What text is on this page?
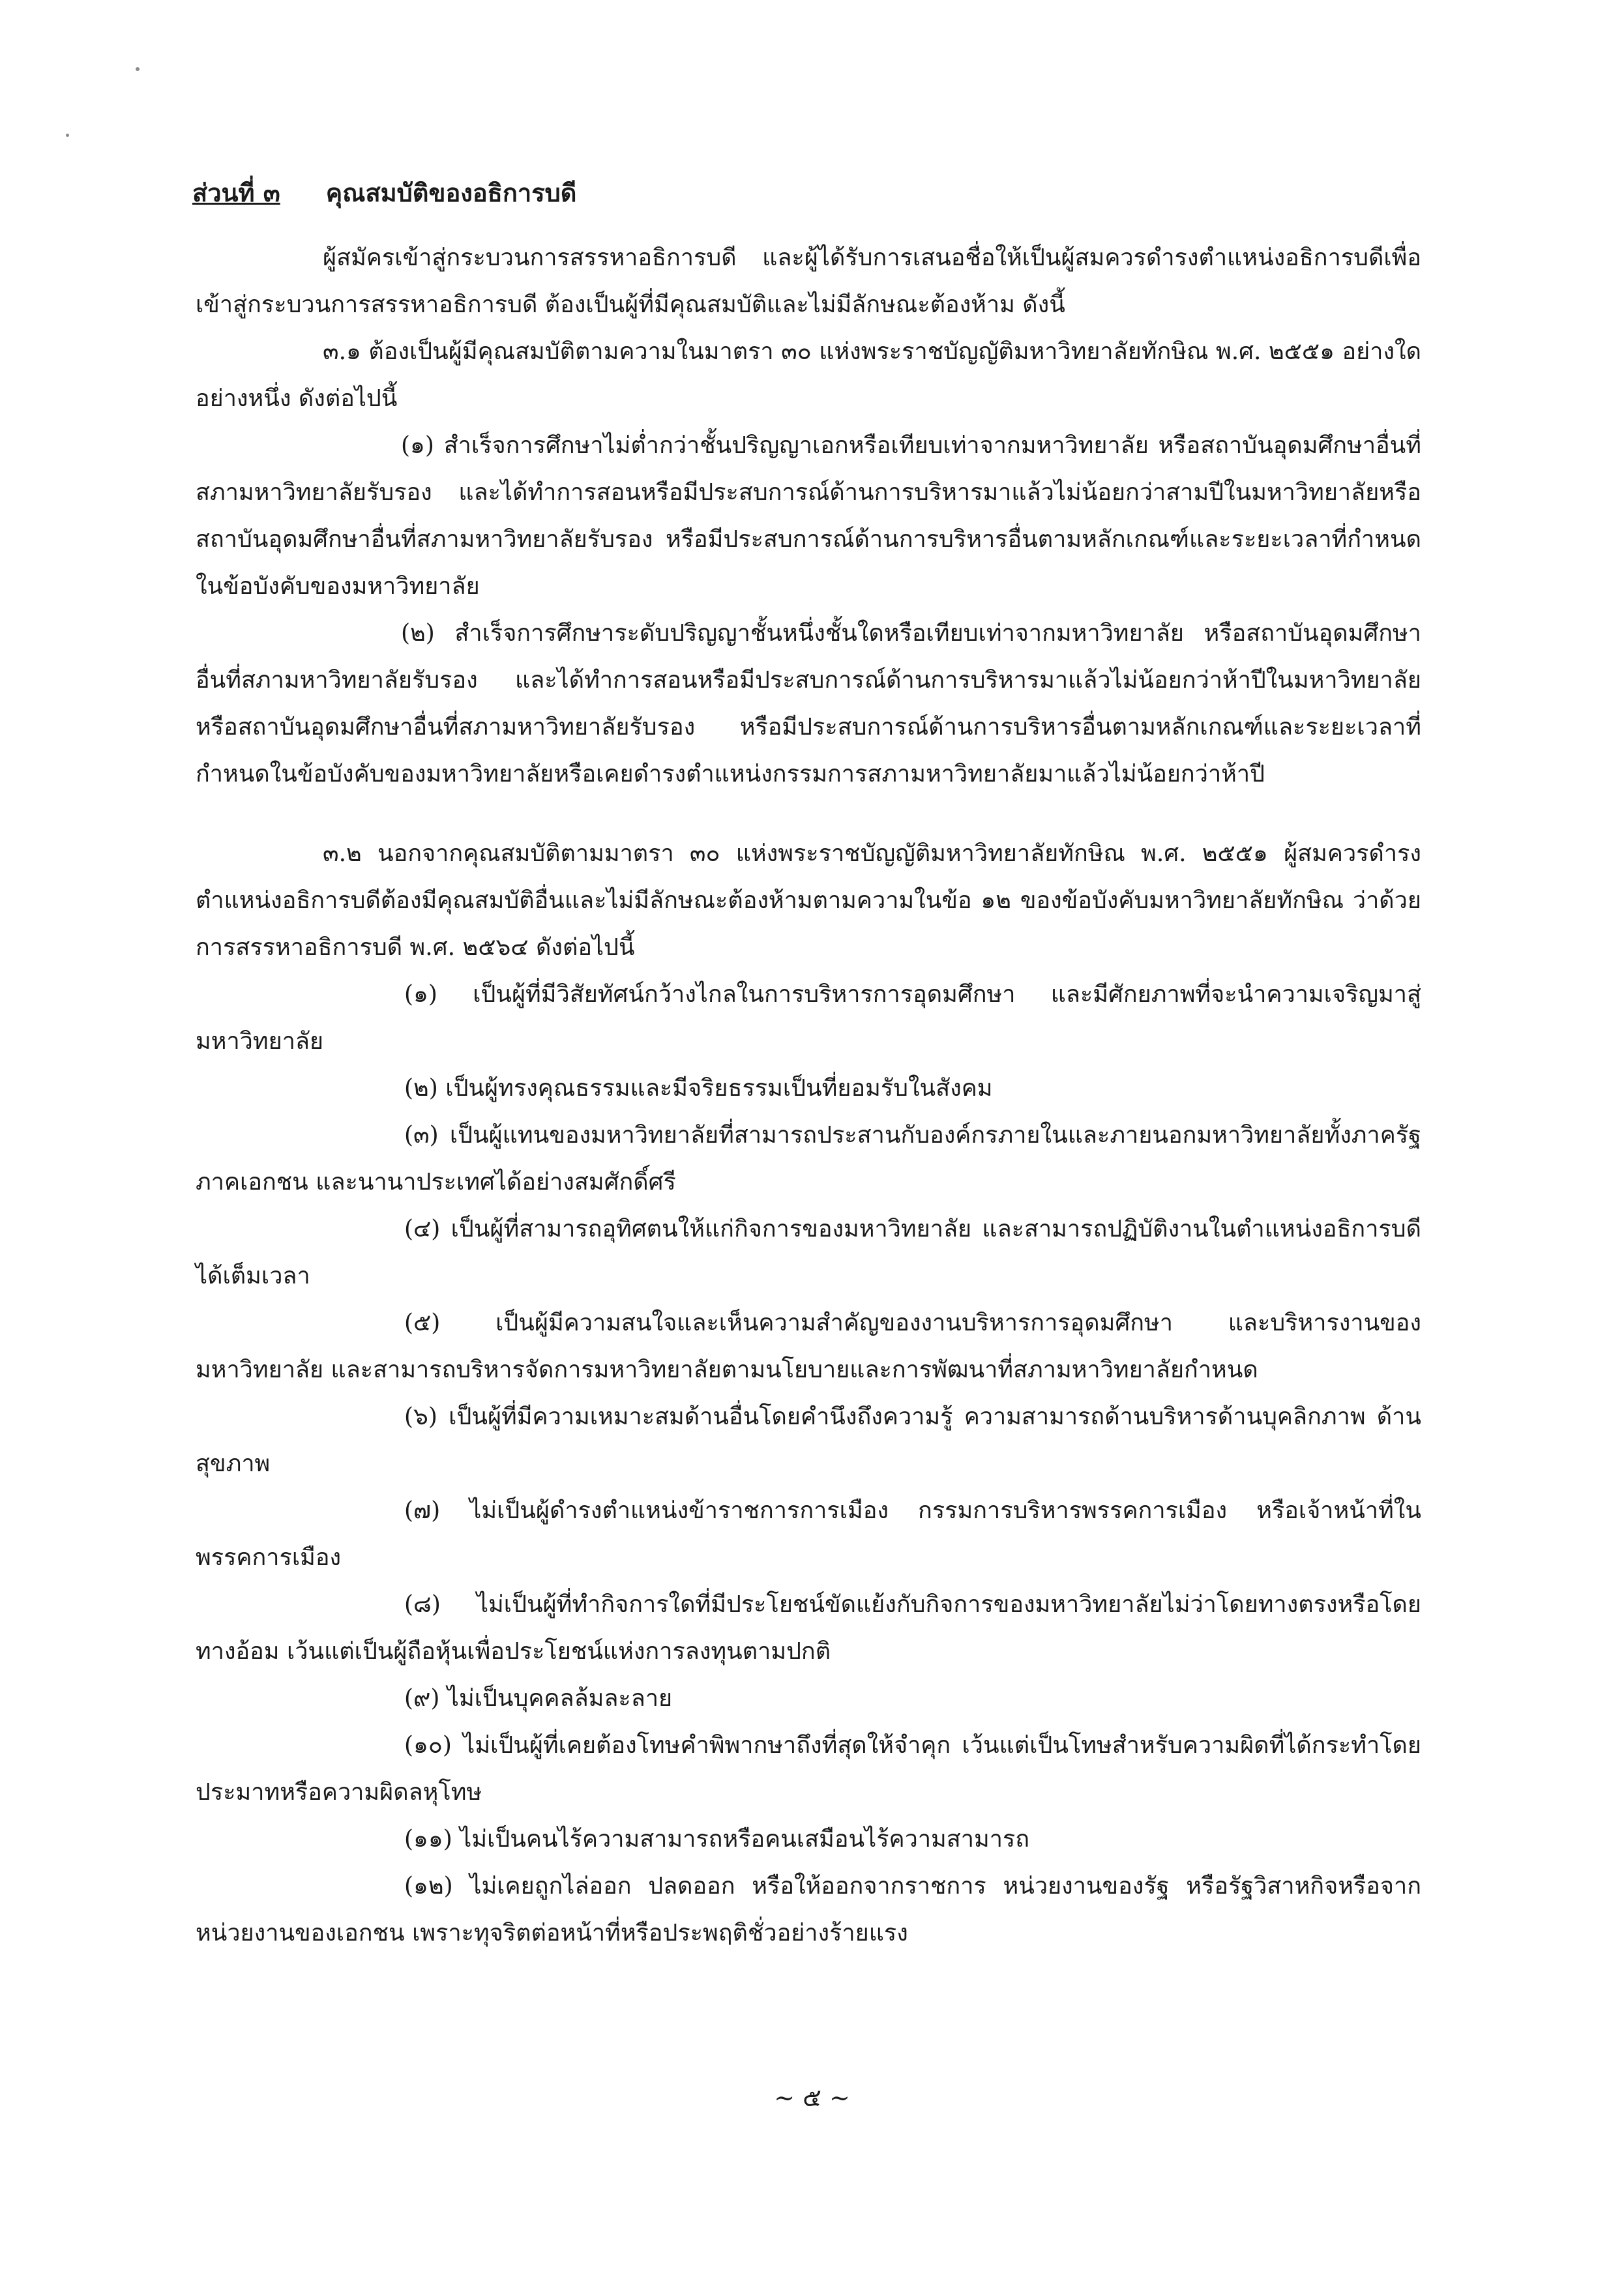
ส่วนที่ ๓ คุณสมบัติของอธิการบดี

ผู้สมัครเข้าสู่กระบวนการสรรหาอธิการบดี และผู้ได้รับการเสนอชื่อให้เป็นผู้สมควรดำรงตำแหน่งอธิการบดีเพื่อเข้าสู่กระบวนการสรรหาอธิการบดี ต้องเป็นผู้ที่มีคุณสมบัติและไม่มีลักษณะต้องห้าม ดังนี้

๓.๑ ต้องเป็นผู้มีคุณสมบัติตามความในมาตรา ๓๐ แห่งพระราชบัญญัติมหาวิทยาลัยทักษิณ พ.ศ. ๒๕๕๑ อย่างใดอย่างหนึ่ง ดังต่อไปนี้

(๑) สำเร็จการศึกษาไม่ต่ำกว่าชั้นปริญญาเอกหรือเทียบเท่าจากมหาวิทยาลัย หรือสถาบันอุดมศึกษาอื่นที่สภามหาวิทยาลัยรับรอง และได้ทำการสอนหรือมีประสบการณ์ด้านการบริหารมาแล้วไม่น้อยกว่าสามปีในมหาวิทยาลัยหรือสถาบันอุดมศึกษาอื่นที่สภามหาวิทยาลัยรับรอง หรือมีประสบการณ์ด้านการบริหารอื่นตามหลักเกณฑ์และระยะเวลาที่กำหนดในข้อบังคับของมหาวิทยาลัย

(๒) สำเร็จการศึกษาระดับปริญญาชั้นหนึ่งชั้นใดหรือเทียบเท่าจากมหาวิทยาลัย หรือสถาบันอุดมศึกษาอื่นที่สภามหาวิทยาลัยรับรอง และได้ทำการสอนหรือมีประสบการณ์ด้านการบริหารมาแล้วไม่น้อยกว่าห้าปีในมหาวิทยาลัยหรือสถาบันอุดมศึกษาอื่นที่สภามหาวิทยาลัยรับรอง หรือมีประสบการณ์ด้านการบริหารอื่นตามหลักเกณฑ์และระยะเวลาที่กำหนดในข้อบังคับของมหาวิทยาลัยหรือเคยดำรงตำแหน่งกรรมการสภามหาวิทยาลัยมาแล้วไม่น้อยกว่าห้าปี

๓.๒ นอกจากคุณสมบัติตามมาตรา ๓๐ แห่งพระราชบัญญัติมหาวิทยาลัยทักษิณ พ.ศ. ๒๕๕๑ ผู้สมควรดำรงตำแหน่งอธิการบดีต้องมีคุณสมบัติอื่นและไม่มีลักษณะต้องห้ามตามความในข้อ ๑๒ ของข้อบังคับมหาวิทยาลัยทักษิณ ว่าด้วยการสรรหาอธิการบดี พ.ศ. ๒๕๖๔ ดังต่อไปนี้

(๑) เป็นผู้ที่มีวิสัยทัศน์กว้างไกลในการบริหารการอุดมศึกษา และมีศักยภาพที่จะนำความเจริญมาสู่มหาวิทยาลัย

(๒) เป็นผู้ทรงคุณธรรมและมีจริยธรรมเป็นที่ยอมรับในสังคม

(๓) เป็นผู้แทนของมหาวิทยาลัยที่สามารถประสานกับองค์กรภายในและภายนอกมหาวิทยาลัยทั้งภาครัฐ ภาคเอกชน และนานาประเทศได้อย่างสมศักดิ์ศรี

(๔) เป็นผู้ที่สามารถอุทิศตนให้แก่กิจการของมหาวิทยาลัย และสามารถปฏิบัติงานในตำแหน่งอธิการบดีได้เต็มเวลา

(๕) เป็นผู้มีความสนใจและเห็นความสำคัญของงานบริหารการอุดมศึกษา และบริหารงานของมหาวิทยาลัย และสามารถบริหารจัดการมหาวิทยาลัยตามนโยบายและการพัฒนาที่สภามหาวิทยาลัยกำหนด

(๖) เป็นผู้ที่มีความเหมาะสมด้านอื่นโดยคำนึงถึงความรู้ ความสามารถด้านบริหารด้านบุคลิกภาพ ด้านสุขภาพ

(๗) ไม่เป็นผู้ดำรงตำแหน่งข้าราชการการเมือง กรรมการบริหารพรรคการเมือง หรือเจ้าหน้าที่ในพรรคการเมือง

(๘) ไม่เป็นผู้ที่ทำกิจการใดที่มีประโยชน์ขัดแย้งกับกิจการของมหาวิทยาลัยไม่ว่าโดยทางตรงหรือโดยทางอ้อม เว้นแต่เป็นผู้ถือหุ้นเพื่อประโยชน์แห่งการลงทุนตามปกติ

(๙) ไม่เป็นบุคคลล้มละลาย

(๑๐) ไม่เป็นผู้ที่เคยต้องโทษคำพิพากษาถึงที่สุดให้จำคุก เว้นแต่เป็นโทษสำหรับความผิดที่ได้กระทำโดยประมาทหรือความผิดลหุโทษ

(๑๑) ไม่เป็นคนไร้ความสามารถหรือคนเสมือนไร้ความสามารถ

(๑๒) ไม่เคยถูกไล่ออก ปลดออก หรือให้ออกจากราชการ หน่วยงานของรัฐ หรือรัฐวิสาหกิจหรือจากหน่วยงานของเอกชน เพราะทุจริตต่อหน้าที่หรือประพฤติชั่วอย่างร้ายแรง

~ ๕ ~
